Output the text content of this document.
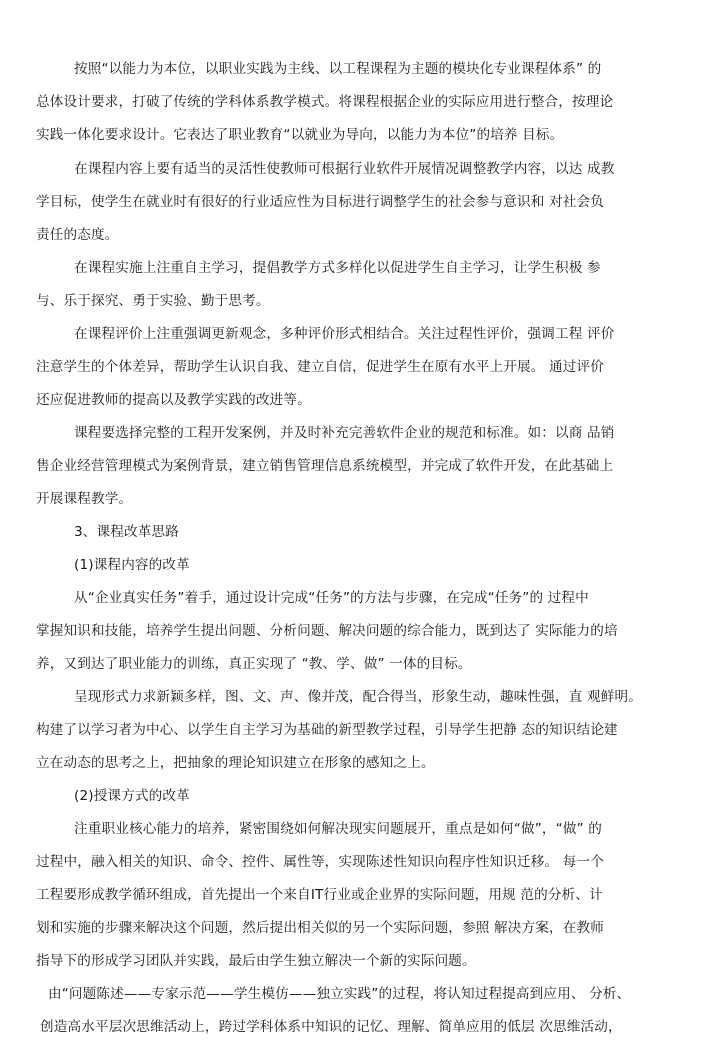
按照“以能力为本位，以职业实践为主线、以工程课程为主题的模块化专业课程体系” 的
总体设计要求，打破了传统的学科体系教学模式。将课程根据企业的实际应用进行整合，按理论
实践一体化要求设计。它表达了职业教育“以就业为导向，以能力为本位”的培养 目标。
在课程内容上要有适当的灵活性使教师可根据行业软件开展情况调整教学内容，以达 成教
学目标，使学生在就业时有很好的行业适应性为目标进行调整学生的社会参与意识和 对社会负
责任的态度。
在课程实施上注重自主学习，提倡教学方式多样化以促进学生自主学习，让学生积极 参
与、乐于探究、勇于实验、勤于思考。
在课程评价上注重强调更新观念，多种评价形式相结合。关注过程性评价，强调工程 评价
注意学生的个体差异，帮助学生认识自我、建立自信，促进学生在原有水平上开展。 通过评价
还应促进教师的提高以及教学实践的改进等。
课程要选择完整的工程开发案例，并及时补充完善软件企业的规范和标准。如：以商 品销
售企业经营管理模式为案例背景，建立销售管理信息系统模型，并完成了软件开发，在此基础上
开展课程教学。
3、课程改革思路
(1)课程内容的改革
从“企业真实任务”着手，通过设计完成“任务”的方法与步骤，在完成“任务”的 过程中
掌握知识和技能，培养学生提出问题、分析问题、解决问题的综合能力，既到达了 实际能力的培
养，又到达了职业能力的训练，真正实现了 “教、学、做” 一体的目标。
呈现形式力求新颖多样，图、文、声、像并茂，配合得当，形象生动，趣味性强，直 观鲜明。
构建了以学习者为中心、以学生自主学习为基础的新型教学过程，引导学生把静 态的知识结论建
立在动态的思考之上，把抽象的理论知识建立在形象的感知之上。
(2)授课方式的改革
注重职业核心能力的培养，紧密围绕如何解决现实问题展开，重点是如何“做”，“做” 的
过程中，融入相关的知识、命令、控件、属性等，实现陈述性知识向程序性知识迁移。 每一个
工程要形成教学循环组成，首先提出一个来自IT行业或企业界的实际问题，用规 范的分析、计
划和实施的步骤来解决这个问题，然后提出相关似的另一个实际问题，参照 解决方案，在教师
指导下的形成学习团队并实践，最后由学生独立解决一个新的实际问题。
由“问题陈述——专家示范——学生模仿——独立实践”的过程，将认知过程提高到应用、 分析、
创造高水平层次思维活动上，跨过学科体系中知识的记忆、理解、简单应用的低层 次思维活动，
